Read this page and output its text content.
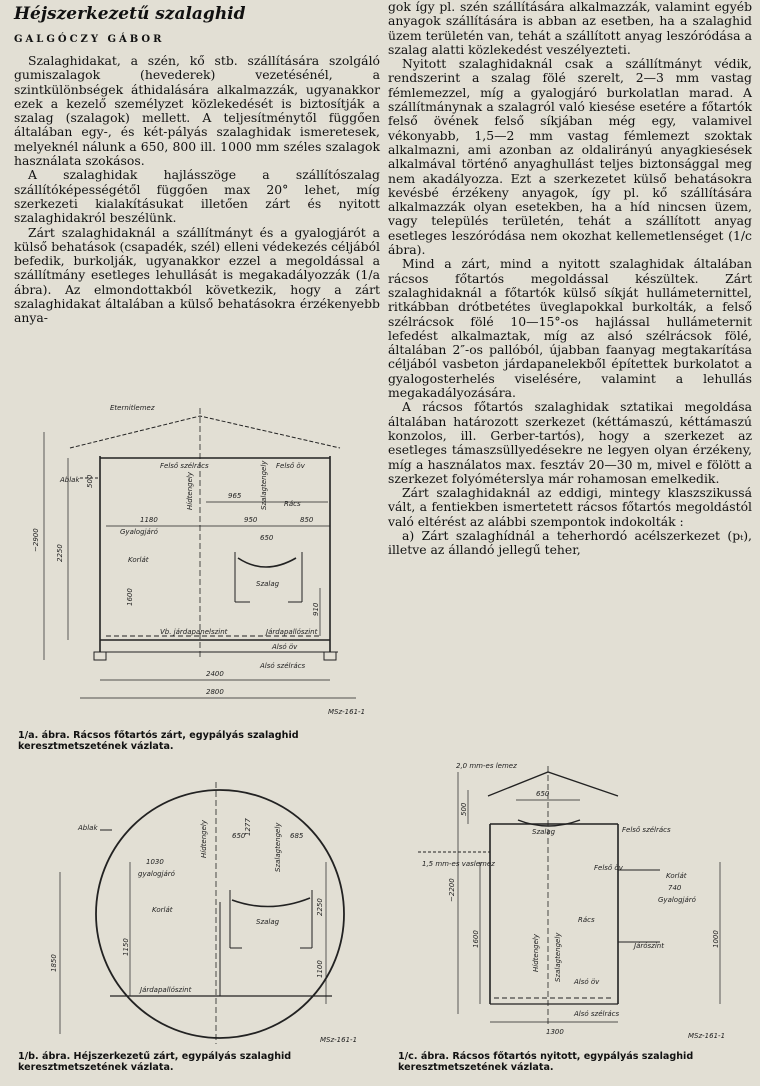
Héjszerkezetű szalaghid
GALGÓCZY GÁBOR

Szalaghidakat, a szén, kő stb. szállítására szolgáló gumiszalagok (hevederek) vezetésénél, a szintkülönbségek áthidalására alkalmazzák, ugyanakkor ezek a kezelő személyzet közlekedését is biztosítják a szalag (szalagok) mellett. A teljesítménytől függően általában egy-, és két-pályás szalaghidak ismeretesek, melyeknél nálunk a 650, 800 ill. 1000 mm széles szalagok használata szokásos.

A szalaghidak hajlásszöge a szállítószalag szállítóképességétől függően max 20° lehet, míg szerkezeti kialakításukat illetően zárt és nyitott szalaghidakról beszélünk.

Zárt szalaghidaknál a szállítmányt és a gyalogjárót a külső behatások (csapadék, szél) elleni védekezés céljából befedik, burkolják, ugyanakkor ezzel a megoldással a szállítmány esetleges lehullását is megakadályozzák (1/a ábra). Az elmondottakból következik, hogy a zárt szalaghidakat általában a külső behatásokra érzékenyebb anya-

gok így pl. szén szállítására alkalmazzák, valamint egyéb anyagok szállítására is abban az esetben, ha a szalaghid üzem területén van, tehát a szállított anyag leszóródása a szalag alatti közlekedést veszélyezteti.

Nyitott szalaghidaknál csak a szállítmányt védik, rendszerint a szalag fölé szerelt, 2—3 mm vastag fémlemezzel, míg a gyalogjáró burkolatlan marad. A szállítmánynak a szalagról való kiesése esetére a főtartók felső övének felső síkjában még egy, valamivel vékonyabb, 1,5—2 mm vastag fémlemezt szoktak alkalmazni, ami azonban az oldalirányú anyagkiesések alkalmával történő anyaghullást teljes biztonsággal meg nem akadályozza. Ezt a szerkezetet külső behatásokra kevésbé érzékeny anyagok, így pl. kő szállítására alkalmazzák olyan esetekben, ha a híd nincsen üzem, vagy település területén, tehát a szállított anyag esetleges leszóródása nem okozhat kellemetlenséget (1/c ábra).

Mind a zárt, mind a nyitott szalaghidak általában rácsos főtartós megoldással készültek. Zárt szalaghidaknál a főtartók külső síkját hullámeternittel, ritkábban drótbetétes üveglapokkal burkolták, a felső szélrácsok fölé 10—15°-os hajlással hullámeternit lefedést alkalmaztak, míg az alsó szélrácsok fölé, általában 2″-os pallóból, újabban faanyag megtakarítása céljából vasbeton járdapanelekből építettek burkolatot a gyalogosterhelés viselésére, valamint a lehullás megakadályozására.

A rácsos főtartós szalaghidak sztatikai megoldása általában határozott szerkezet (kéttámaszú, kéttámaszú konzolos, ill. Gerber-tartós), hogy a szerkezet az esetleges támaszsüllyedésekre ne legyen olyan érzékeny, míg a használatos max. fesztáv 20—30 m, mivel e fölött a szerkezet folyóméterslya már rohamosan emelkedik.

Zárt szalaghidaknál az eddigi, mintegy klaszszikussá vált, a fentiekben ismertetett rácsos főtartós megoldástól való eltérést az alábbi szempontok indokolták :

a) Zárt szalaghídnál a teherhordó acélszerkezet (pₜ), illetve az állandó jellegű teher,

Eternitlemez
Felső szélrács	Felső öv
Ablak
Rács
Gyalogjáró
Korlát
Szalag
Vb. járdapanelszint	Járdapallószint
Alsó öv
Alsó szélrács
965
1180	950
650
850
2400
2800
MSz-161-1
~2900
2250
500
1600
Hídtengely	Szalagtengely
910
1/a. ábra. Rácsos főtartós zárt, egypályás szalaghid keresztmetszetének vázlata.
Ablak
650	685
1030
gyalogjáró
Korlát
Szalag
Járdapallószint
MSz-161-1
Hídtengely	1277	Szalagtengely
1850
1150
2250
1100
1/b. ábra. Héjszerkezetű zárt, egypályás szalaghid keresztmetszetének vázlata.
2,0 mm-es lemez
650
Szalag	Felső szélrács
1,5 mm-es vaslemez	Felső öv
Korlát
740
Gyalogjáró
Rács
Járószint
Alsó öv
Alsó szélrács
1300	MSz-161-1
Hídtengely Szalagtengely
~2200
500
1600	1000
1/c. ábra. Rácsos főtartós nyitott, egypályás szalaghid keresztmetszetének vázlata.
